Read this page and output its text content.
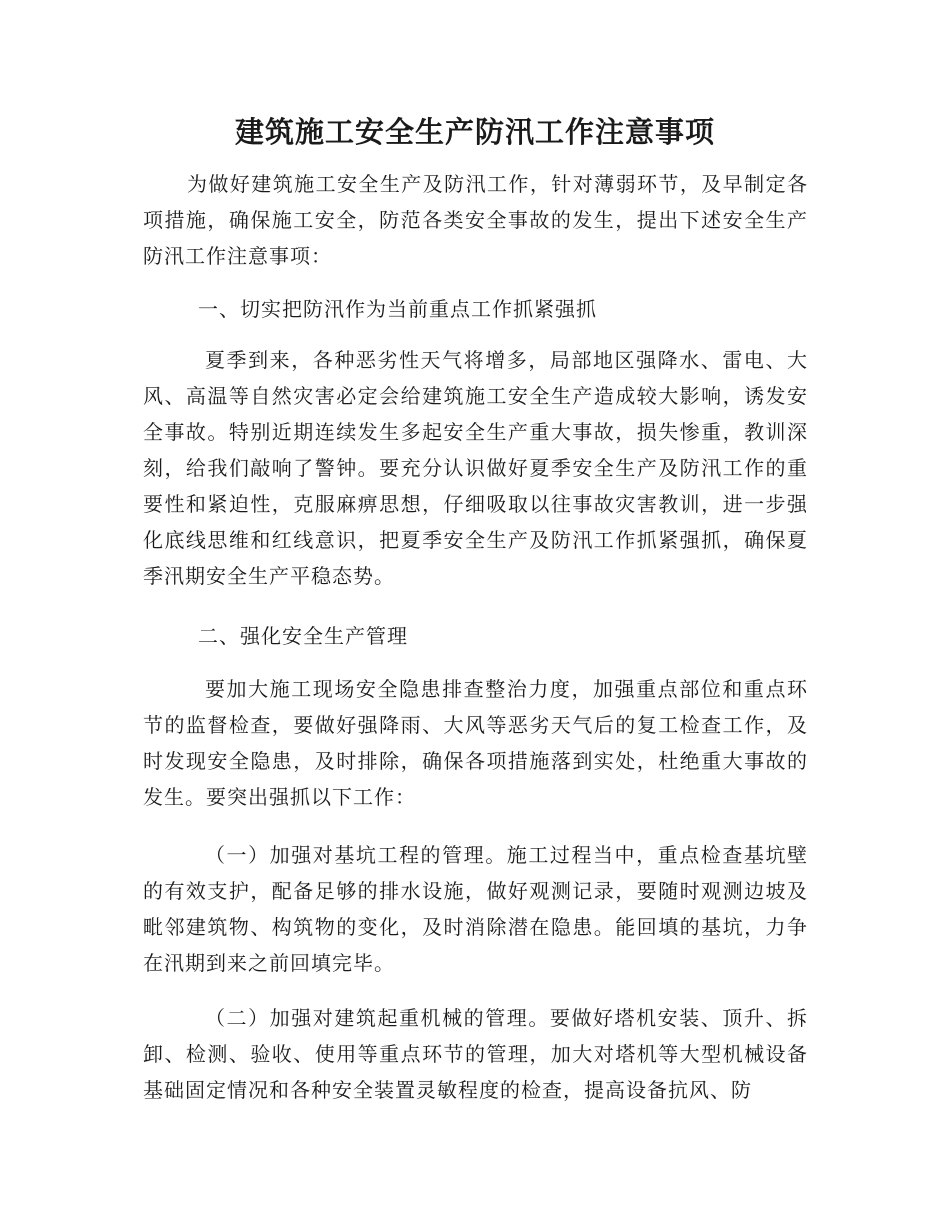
建筑施工安全生产防汛工作注意事项

为做好建筑施工安全生产及防汛工作，针对薄弱环节，及早制定各项措施，确保施工安全，防范各类安全事故的发生，提出下述安全生产防汛工作注意事项：

一、切实把防汛作为当前重点工作抓紧强抓

夏季到来，各种恶劣性天气将增多，局部地区强降水、雷电、大风、高温等自然灾害必定会给建筑施工安全生产造成较大影响，诱发安全事故。特别近期连续发生多起安全生产重大事故，损失惨重，教训深刻，给我们敲响了警钟。要充分认识做好夏季安全生产及防汛工作的重要性和紧迫性，克服麻痹思想，仔细吸取以往事故灾害教训，进一步强化底线思维和红线意识，把夏季安全生产及防汛工作抓紧强抓，确保夏季汛期安全生产平稳态势。

二、强化安全生产管理

要加大施工现场安全隐患排查整治力度，加强重点部位和重点环节的监督检查，要做好强降雨、大风等恶劣天气后的复工检查工作，及时发现安全隐患，及时排除，确保各项措施落到实处，杜绝重大事故的发生。要突出强抓以下工作：

（一）加强对基坑工程的管理。施工过程当中，重点检查基坑壁的有效支护，配备足够的排水设施，做好观测记录，要随时观测边坡及毗邻建筑物、构筑物的变化，及时消除潜在隐患。能回填的基坑，力争在汛期到来之前回填完毕。

（二）加强对建筑起重机械的管理。要做好塔机安装、顶升、拆卸、检测、验收、使用等重点环节的管理，加大对塔机等大型机械设备基础固定情况和各种安全装置灵敏程度的检查，提高设备抗风、防
